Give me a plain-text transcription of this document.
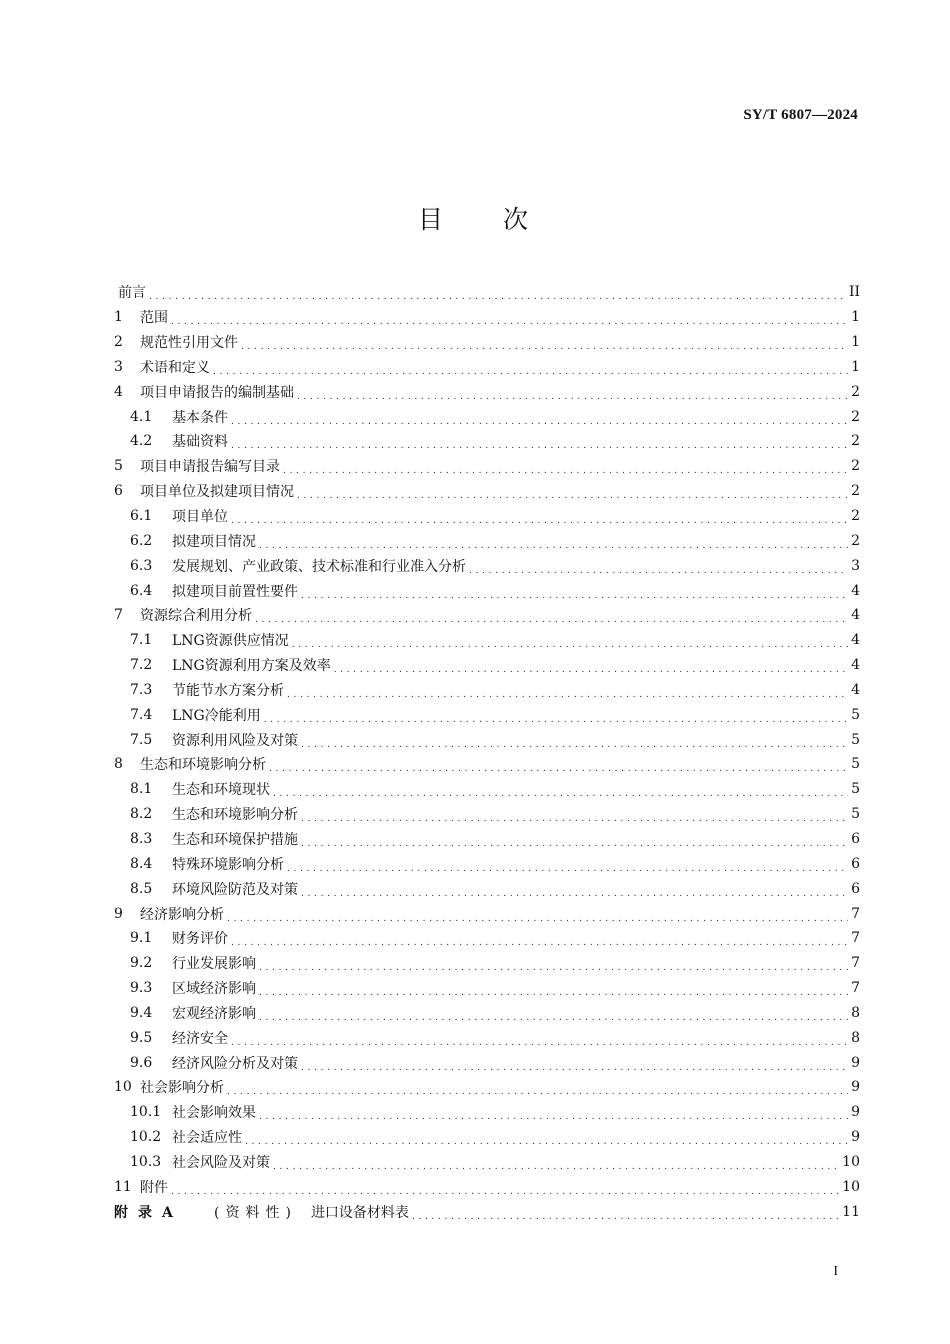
SY/T 6807—2024
目 次
前言 . . .	II
1	范围 . . .	1
2	规范性引用文件 . . .	1
3	术语和定义 . . .	1
4	项目申请报告的编制基础 . . .	2
4.1	基本条件 . . .	2
4.2	基础资料 . . .	2
5	项目申请报告编写目录 . . .	2
6	项目单位及拟建项目情况 . . .	2
6.1	项目单位 . . .	2
6.2	拟建项目情况 . . .	2
6.3	发展规划、产业政策、技术标准和行业准入分析 . . .	3
6.4	拟建项目前置性要件 . . .	4
7	资源综合利用分析 . . .	4
7.1	LNG资源供应情况 . . .	4
7.2	LNG资源利用方案及效率 . . .	4
7.3	节能节水方案分析 . . .	4
7.4	LNG冷能利用 . . .	5
7.5	资源利用风险及对策 . . .	5
8	生态和环境影响分析 . . .	5
8.1	生态和环境现状 . . .	5
8.2	生态和环境影响分析 . . .	5
8.3	生态和环境保护措施 . . .	6
8.4	特殊环境影响分析 . . .	6
8.5	环境风险防范及对策 . . .	6
9	经济影响分析 . . .	7
9.1	财务评价 . . .	7
9.2	行业发展影响 . . .	7
9.3	区域经济影响 . . .	7
9.4	宏观经济影响 . . .	8
9.5	经济安全 . . .	8
9.6	经济风险分析及对策 . . .	9
10 社会影响分析 . . .	9
10.1 社会影响效果 . . .	9
10.2 社会适应性 . . .	9
10.3 社会风险及对策 . . .	10
11 附件 . . .	10
附录A	(资料性)	进口设备材料表 . . .	11
I
